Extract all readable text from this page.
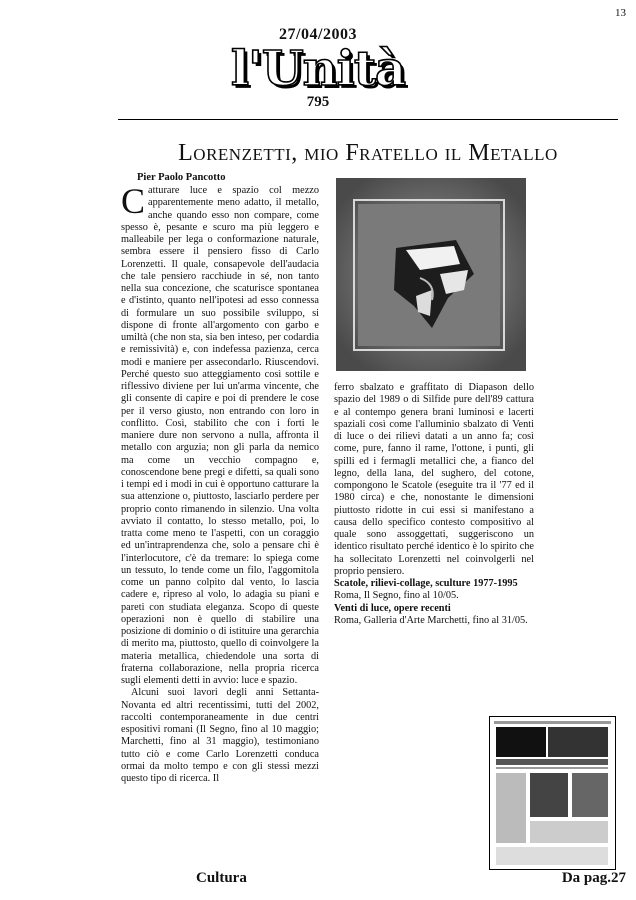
13
27/04/2003
l'Unità
795
Lorenzetti, mio Fratello il Metallo
Pier Paolo Pancotto
C atturare luce e spazio col mezzo apparentemente meno adatto, il metallo, anche quando esso non compare, come spesso è, pesante e scuro ma più leggero e malleabile per lega o conformazione naturale, sembra essere il pensiero fisso di Carlo Lorenzetti. Il quale, consapevole dell'audacia che tale pensiero racchiude in sé, non tanto nella sua concezione, che scaturisce spontanea e d'istinto, quanto nell'ipotesi ad esso connessa di formulare un suo possibile sviluppo, si dispone di fronte all'argomento con garbo e umiltà (che non sta, sia ben inteso, per codardia e remissività) e, con indefessa pazienza, cerca modi e maniere per assecondarlo. Riuscendovi. Perché questo suo atteggiamento così sottile e riflessivo diviene per lui un'arma vincente, che gli consente di capire e poi di prendere le cose per il verso giusto, non entrando con loro in conflitto. Così, stabilito che con i forti le maniere dure non servono a nulla, affronta il metallo con arguzia; non gli parla da nemico ma come un vecchio compagno e, conoscendone bene pregi e difetti, sa quali sono i tempi ed i modi in cui è opportuno catturare la sua attenzione o, piuttosto, lasciarlo perdere per proprio conto rimanendo in silenzio. Una volta avviato il contatto, lo stesso metallo, poi, lo tratta come meno te l'aspetti, con un coraggio ed un'intraprendenza che, solo a pensare chi è l'interlocutore, c'è da tremare: lo spiega come un tessuto, lo tende come un filo, l'aggomitola come un panno colpito dal vento, lo lascia cadere e, ripreso al volo, lo adagia su piani e pareti con studiata eleganza. Scopo di queste operazioni non è quello di stabilire una posizione di dominio o di istituire una gerarchia di merito ma, piuttosto, quello di coinvolgere la materia metallica, chiedendole una sorta di fraterna collaborazione, nella propria ricerca sugli elementi detti in avvio: luce e spazio.

Alcuni suoi lavori degli anni Settanta-Novanta ed altri recentissimi, tutti del 2002, raccolti contemporaneamente in due centri espositivi romani (Il Segno, fino al 10 maggio; Marchetti, fino al 31 maggio), testimoniano tutto ciò e come Carlo Lorenzetti conduca ormai da molto tempo e con gli stessi mezzi questo tipo di ricerca. Il

ferro sbalzato e graffitato di Diapason dello spazio del 1989 o di Silfide pure dell'89 cattura e al contempo genera brani luminosi e lacerti spaziali così come l'alluminio sbalzato di Venti di luce o dei rilievi datati a un anno fa; così come, pure, fanno il rame, l'ottone, i punti, gli spilli ed i fermagli metallici che, a fianco del legno, della lana, del sughero, del cotone, compongono le Scatole (eseguite tra il '77 ed il 1980 circa) e che, nonostante le dimensioni piuttosto ridotte in cui essi si manifestano a causa dello specifico contesto compositivo al quale sono assoggettati, suggeriscono un identico risultato perché identico è lo spirito che ha sollecitato Lorenzetti nel coinvolgerli nel proprio pensiero.

Scatole, rilievi-collage, sculture 1977-1995
Roma, Il Segno, fino al 10/05.
Venti di luce, opere recenti
Roma, Galleria d'Arte Marchetti, fino al 31/05.
Cultura	Da pag.27
